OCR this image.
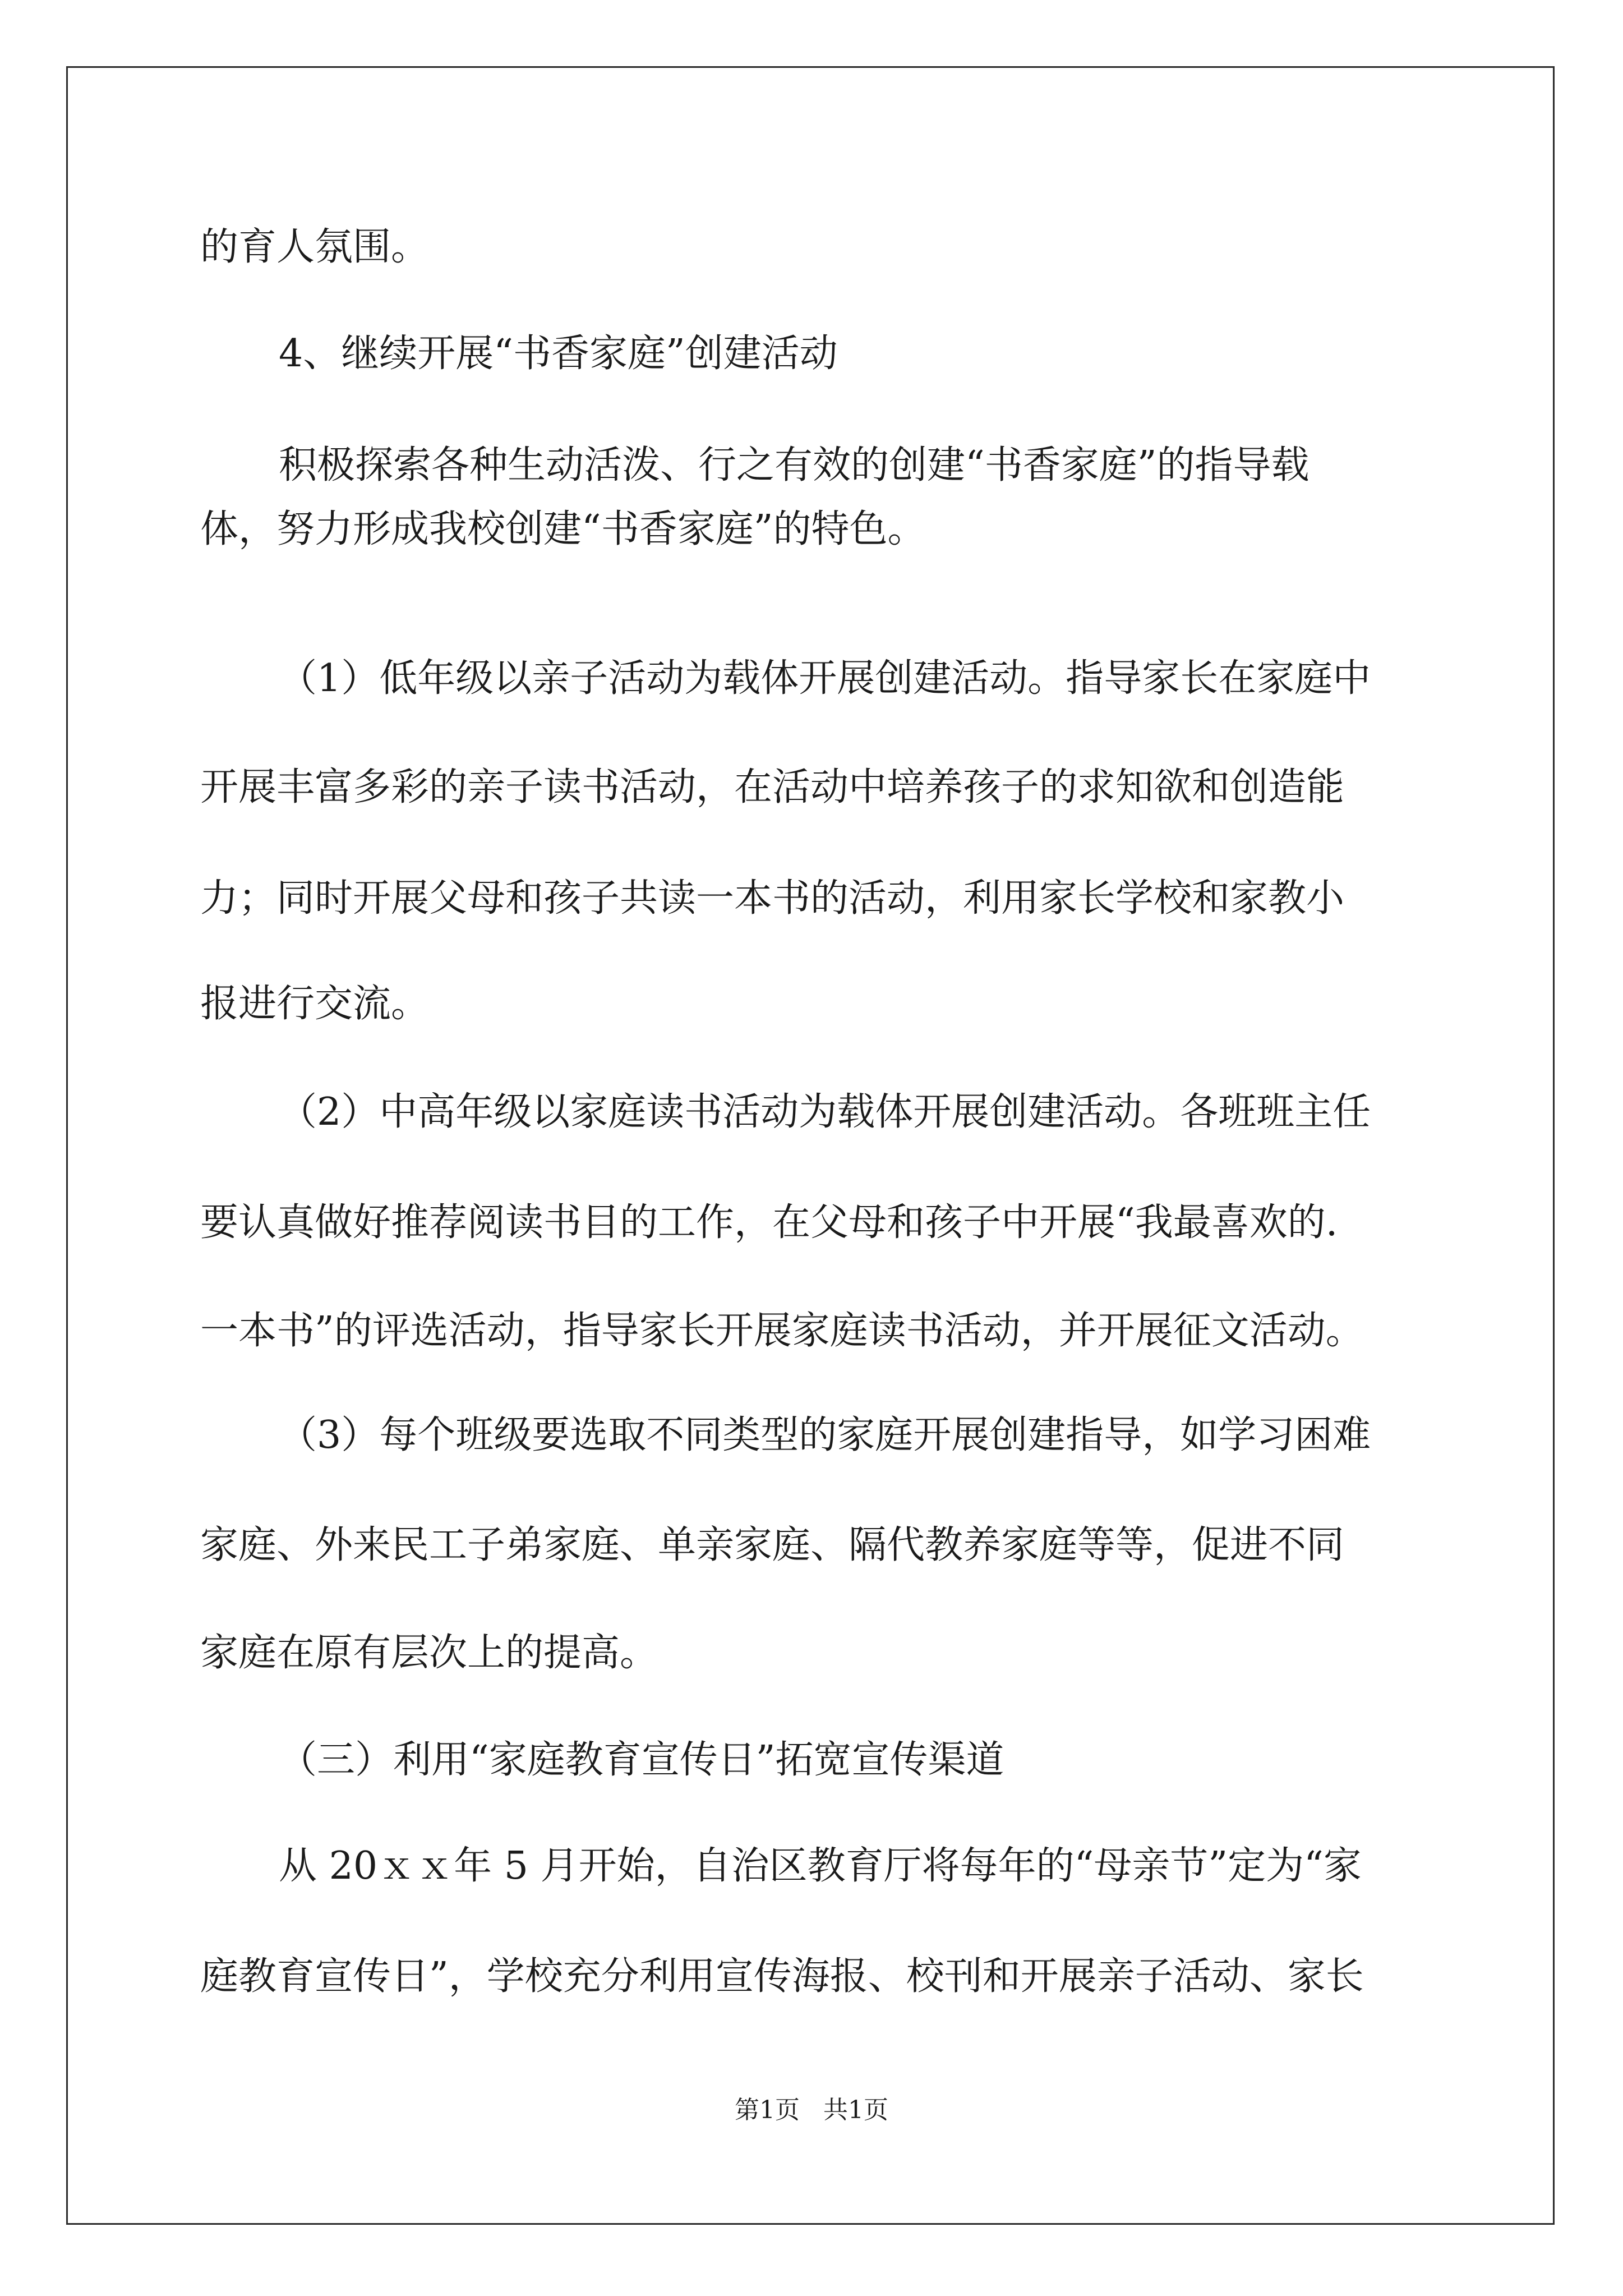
的育人氛围。
4、继续开展“书香家庭”创建活动
积极探索各种生动活泼、行之有效的创建“书香家庭”的指导载
体，努力形成我校创建“书香家庭”的特色。
（1）低年级以亲子活动为载体开展创建活动。指导家长在家庭中
开展丰富多彩的亲子读书活动，在活动中培养孩子的求知欲和创造能
力；同时开展父母和孩子共读一本书的活动，利用家长学校和家教小
报进行交流。
（2）中高年级以家庭读书活动为载体开展创建活动。各班班主任
要认真做好推荐阅读书目的工作，在父母和孩子中开展“我最喜欢的.
一本书”的评选活动，指导家长开展家庭读书活动，并开展征文活动。
（3）每个班级要选取不同类型的家庭开展创建指导，如学习困难
家庭、外来民工子弟家庭、单亲家庭、隔代教养家庭等等，促进不同
家庭在原有层次上的提高。
（三）利用“家庭教育宣传日”拓宽宣传渠道
从 20ｘｘ年 5 月开始，自治区教育厅将每年的“母亲节”定为“家
庭教育宣传日”，学校充分利用宣传海报、校刊和开展亲子活动、家长
第1页   共1页
